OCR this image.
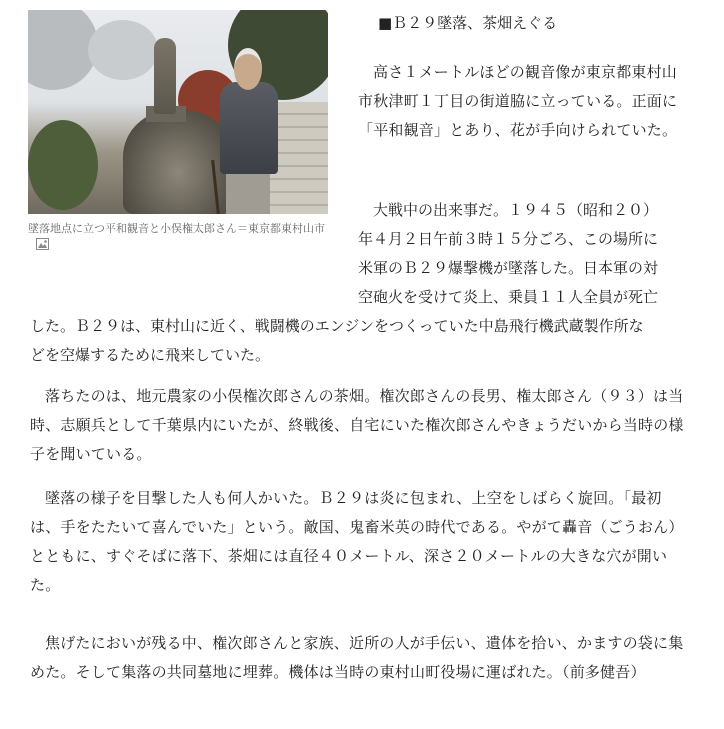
墜落地点に立つ平和観音と小俣権太郎さん＝東京都東村山市
■Ｂ２９墜落、茶畑えぐる

高さ１メートルほどの観音像が東京都東村山市秋津町１丁目の街道脇に立っている。正面に「平和観音」とあり、花が手向けられていた。

大戦中の出来事だ。１９４５（昭和２０）
年４月２日午前３時１５分ごろ、この場所に
米軍のＢ２９爆撃機が墜落した。日本軍の対
空砲火を受けて炎上、乗員１１人全員が死亡
した。Ｂ２９は、東村山に近く、戦闘機のエンジンをつくっていた中島飛行機武蔵製作所な
どを空爆するために飛来していた。

落ちたのは、地元農家の小俣権次郎さんの茶畑。権次郎さんの長男、権太郎さん（９３）は当時、志願兵として千葉県内にいたが、終戦後、自宅にいた権次郎さんやきょうだいから当時の様子を聞いている。

墜落の様子を目撃した人も何人かいた。Ｂ２９は炎に包まれ、上空をしばらく旋回。「最初は、手をたたいて喜んでいた」という。敵国、鬼畜米英の時代である。やがて轟音（ごうおん）とともに、すぐそばに落下、茶畑には直径４０メートル、深さ２０メートルの大きな穴が開いた。

焦げたにおいが残る中、権次郎さんと家族、近所の人が手伝い、遺体を拾い、かますの袋に集めた。そして集落の共同墓地に埋葬。機体は当時の東村山町役場に運ばれた。（前多健吾）
